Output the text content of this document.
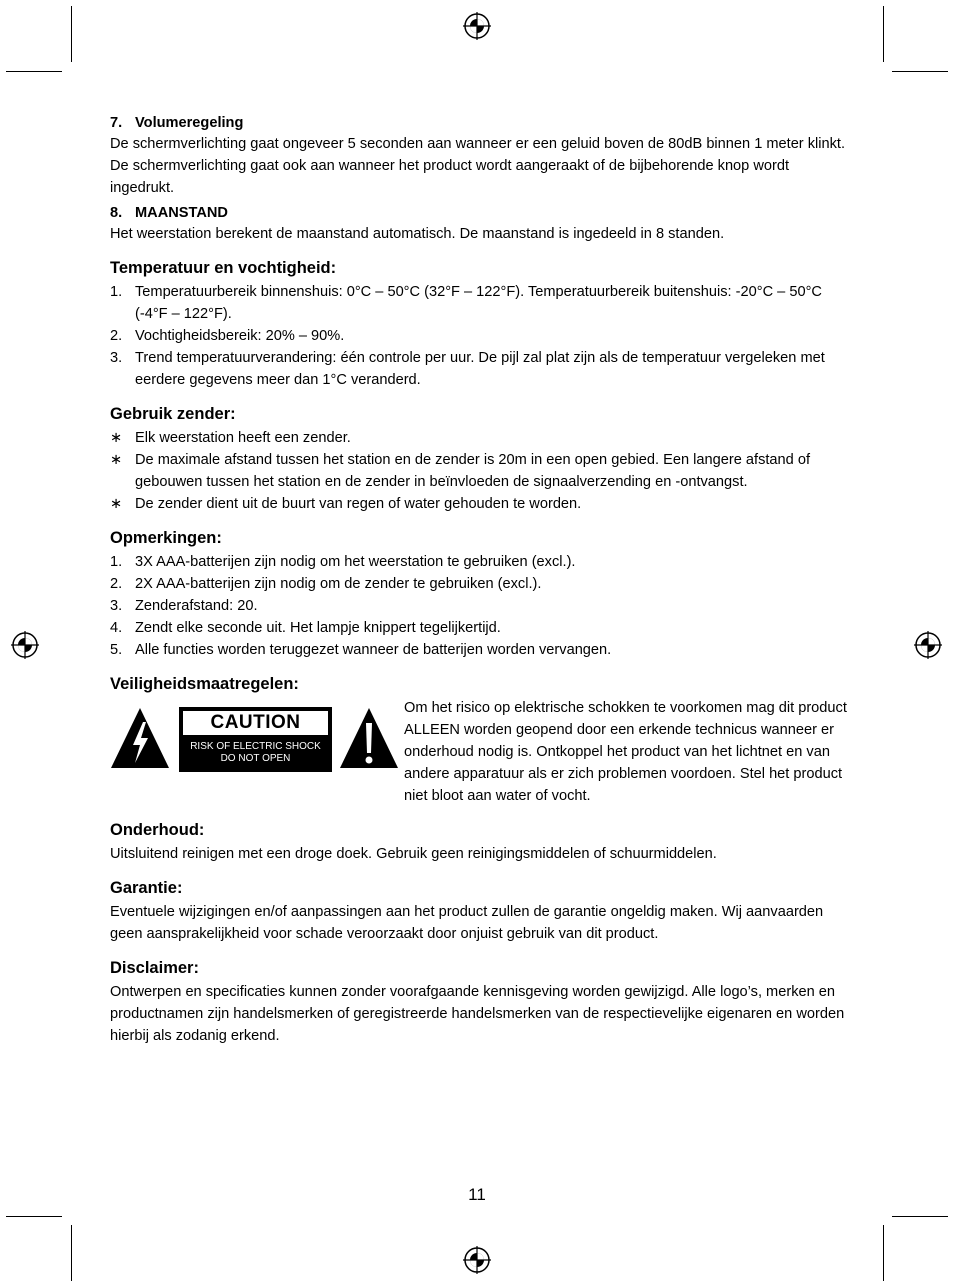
7. Volumeregeling

De schermverlichting gaat ongeveer 5 seconden aan wanneer er een geluid boven de 80dB binnen 1 meter klinkt. De schermverlichting gaat ook aan wanneer het product wordt aangeraakt of de bijbehorende knop wordt ingedrukt.

8. MAANSTAND

Het weerstation berekent de maanstand automatisch. De maanstand is ingedeeld in 8 standen.

Temperatuur en vochtigheid:
1. Temperatuurbereik binnenshuis: 0°C – 50°C (32°F – 122°F). Temperatuurbereik buitenshuis: -20°C – 50°C (-4°F – 122°F).
2. Vochtigheidsbereik: 20% – 90%.
3. Trend temperatuurverandering: één controle per uur. De pijl zal plat zijn als de temperatuur vergeleken met eerdere gegevens meer dan 1°C veranderd.
Gebruik zender:
∗ Elk weerstation heeft een zender.
∗ De maximale afstand tussen het station en de zender is 20m in een open gebied. Een langere afstand of gebouwen tussen het station en de zender in beïnvloeden de signaalverzending en -ontvangst.
∗ De zender dient uit de buurt van regen of water gehouden te worden.
Opmerkingen:
1. 3X AAA-batterijen zijn nodig om het weerstation te gebruiken (excl.).
2. 2X AAA-batterijen zijn nodig om de zender te gebruiken (excl.).
3. Zenderafstand: 20.
4. Zendt elke seconde uit. Het lampje knippert tegelijkertijd.
5. Alle functies worden teruggezet wanneer de batterijen worden vervangen.
Veiligheidsmaatregelen:
CAUTION
RISK OF ELECTRIC SHOCK
DO NOT OPEN

Om het risico op elektrische schokken te voorkomen mag dit product ALLEEN worden geopend door een erkende technicus wanneer er onderhoud nodig is. Ontkoppel het product van het lichtnet en van andere apparatuur als er zich problemen voordoen. Stel het product niet bloot aan water of vocht.

Onderhoud:

Uitsluitend reinigen met een droge doek. Gebruik geen reinigingsmiddelen of schuurmiddelen.

Garantie:

Eventuele wijzigingen en/of aanpassingen aan het product zullen de garantie ongeldig maken. Wij aanvaarden geen aansprakelijkheid voor schade veroorzaakt door onjuist gebruik van dit product.

Disclaimer:

Ontwerpen en specificaties kunnen zonder voorafgaande kennisgeving worden gewijzigd. Alle logo’s, merken en productnamen zijn handelsmerken of geregistreerde handelsmerken van de respectievelijke eigenaren en worden hierbij als zodanig erkend.

11
